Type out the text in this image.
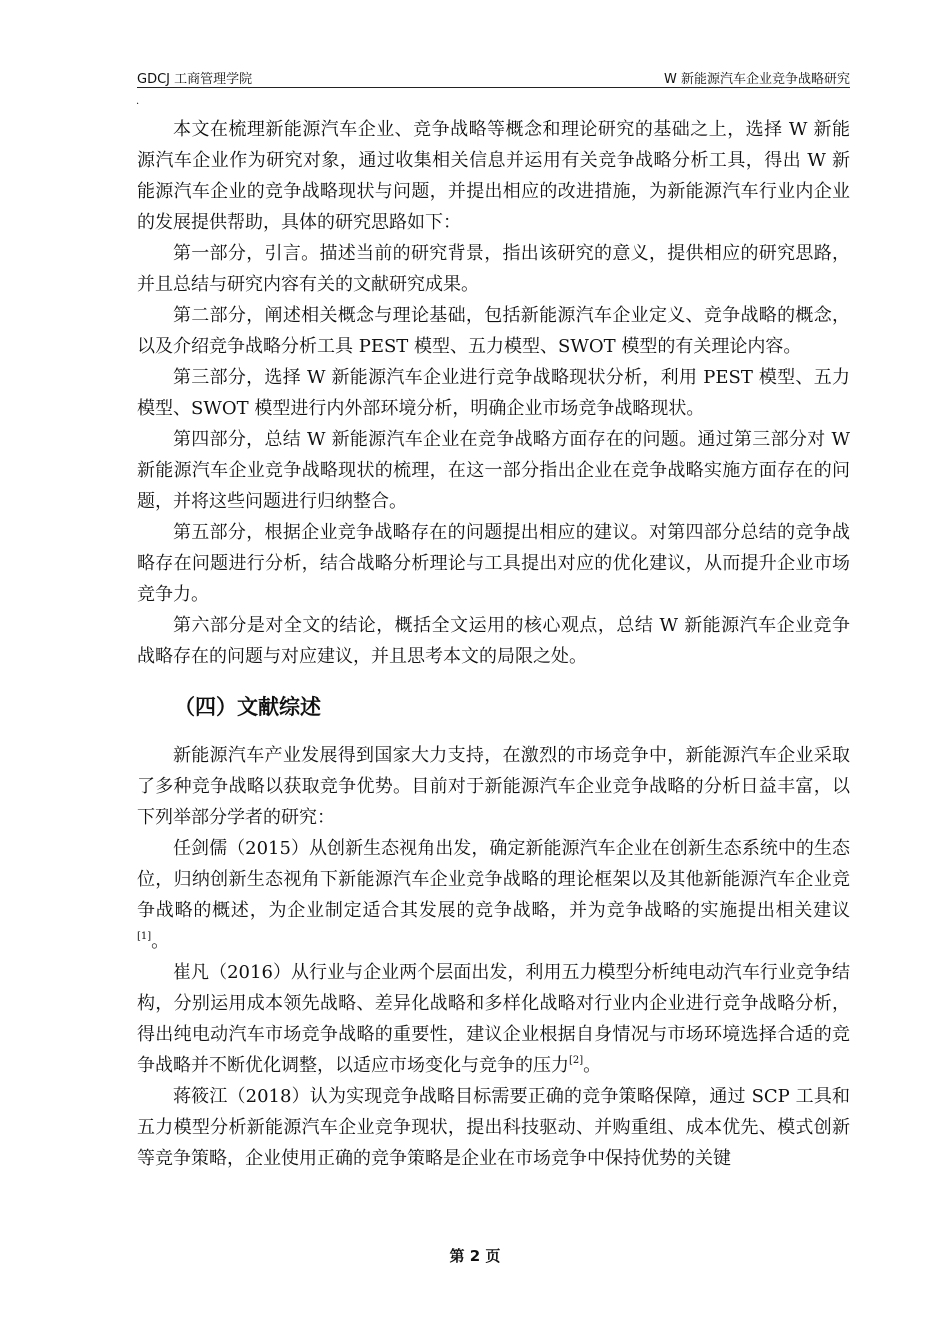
GDCJ 工商管理学院	W 新能源汽车企业竞争战略研究
.

本文在梳理新能源汽车企业、竞争战略等概念和理论研究的基础之上，选择 W 新能源汽车企业作为研究对象，通过收集相关信息并运用有关竞争战略分析工具，得出 W 新能源汽车企业的竞争战略现状与问题，并提出相应的改进措施，为新能源汽车行业内企业的发展提供帮助，具体的研究思路如下：

第一部分，引言。描述当前的研究背景，指出该研究的意义，提供相应的研究思路，并且总结与研究内容有关的文献研究成果。

第二部分，阐述相关概念与理论基础，包括新能源汽车企业定义、竞争战略的概念，以及介绍竞争战略分析工具 PEST 模型、五力模型、SWOT 模型的有关理论内容。

第三部分，选择 W 新能源汽车企业进行竞争战略现状分析，利用 PEST 模型、五力模型、SWOT 模型进行内外部环境分析，明确企业市场竞争战略现状。

第四部分，总结 W 新能源汽车企业在竞争战略方面存在的问题。通过第三部分对 W 新能源汽车企业竞争战略现状的梳理，在这一部分指出企业在竞争战略实施方面存在的问题，并将这些问题进行归纳整合。

第五部分，根据企业竞争战略存在的问题提出相应的建议。对第四部分总结的竞争战略存在问题进行分析，结合战略分析理论与工具提出对应的优化建议，从而提升企业市场竞争力。

第六部分是对全文的结论，概括全文运用的核心观点，总结 W 新能源汽车企业竞争战略存在的问题与对应建议，并且思考本文的局限之处。

（四）文献综述

新能源汽车产业发展得到国家大力支持，在激烈的市场竞争中，新能源汽车企业采取了多种竞争战略以获取竞争优势。目前对于新能源汽车企业竞争战略的分析日益丰富，以下列举部分学者的研究：

任剑儒（2015）从创新生态视角出发，确定新能源汽车企业在创新生态系统中的生态位，归纳创新生态视角下新能源汽车企业竞争战略的理论框架以及其他新能源汽车企业竞争战略的概述，为企业制定适合其发展的竞争战略，并为竞争战略的实施提出相关建议[1]。

崔凡（2016）从行业与企业两个层面出发，利用五力模型分析纯电动汽车行业竞争结构，分别运用成本领先战略、差异化战略和多样化战略对行业内企业进行竞争战略分析，得出纯电动汽车市场竞争战略的重要性，建议企业根据自身情况与市场环境选择合适的竞争战略并不断优化调整，以适应市场变化与竞争的压力[2]。

蒋筱江（2018）认为实现竞争战略目标需要正确的竞争策略保障，通过 SCP 工具和五力模型分析新能源汽车企业竞争现状，提出科技驱动、并购重组、成本优先、模式创新等竞争策略，企业使用正确的竞争策略是企业在市场竞争中保持优势的关键

第 2 页
